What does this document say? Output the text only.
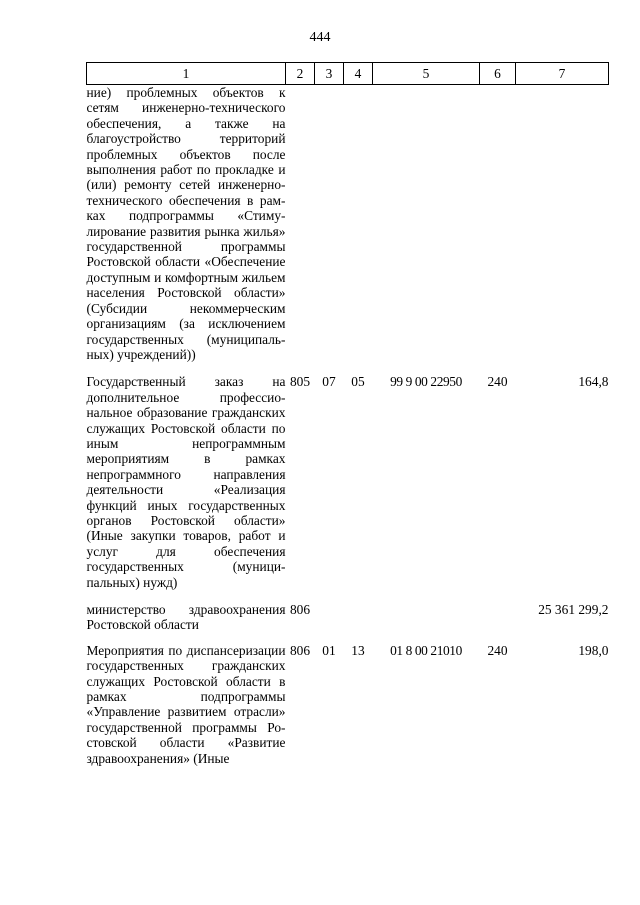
444
1	2	3	4	5	6	7
ние) проблемных объектов к сетям инженерно-технического обеспечения, а также на благоустройство территорий проблемных объектов после выполнения работ по прокладке и (или) ремонту сетей инженерно-технического обеспечения в рамках подпрограммы «Стимулирование развития рынка жилья» государственной программы Ростовской области «Обеспечение доступным и комфортным жильем населения Ростовской области» (Субсидии некоммерческим организациям (за исключением государственных (муниципальных) учреждений))						

Государственный заказ на дополнительное профессиональное образование гражданских служащих Ростовской области по иным непрограммным мероприятиям в рамках непрограммного направления деятельности «Реализация функций иных государственных органов Ростовской области» (Иные закупки товаров, работ и услуг для обеспечения государственных (муниципальных) нужд)	805	07	05	99 9 00 22950	240	164,8

министерство здравоохранения Ростовской области	806					25 361 299,2

Мероприятия по диспансеризации государственных гражданских служащих Ростовской области в рамках подпрограммы «Управление развитием отрасли» государственной программы Ростовской области «Развитие здравоохранения» (Иные	806	01	13	01 8 00 21010	240	198,0
